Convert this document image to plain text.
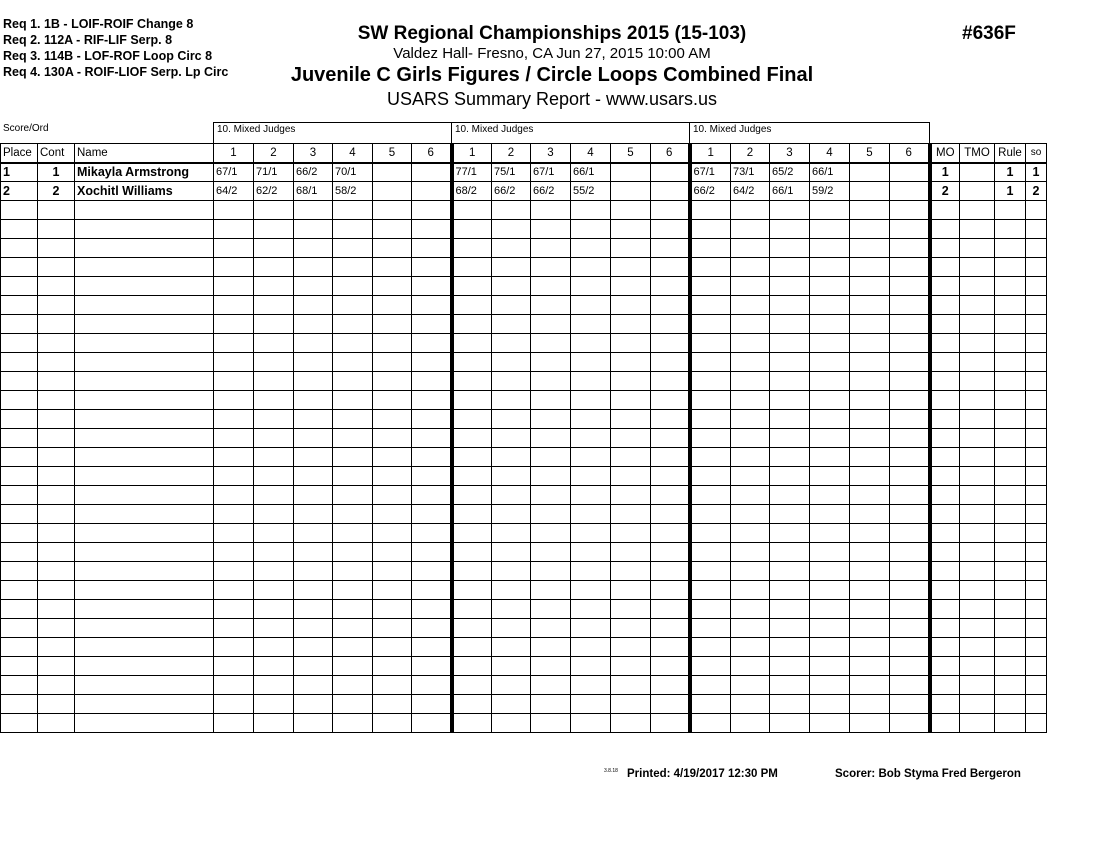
Req 1. 1B - LOIF-ROIF Change 8
Req 2. 112A - RIF-LIF Serp. 8
Req 3. 114B - LOF-ROF Loop Circ 8
Req 4. 130A - ROIF-LIOF Serp. Lp Circ
SW Regional Championships 2015 (15-103)
Valdez Hall- Fresno, CA Jun 27, 2015 10:00 AM
Juvenile C Girls Figures / Circle Loops Combined Final
USARS Summary Report - www.usars.us
#636F
Score/Ord	10. Mixed Judges	10. Mixed Judges	10. Mixed Judges
Place	Cont	Name	1	2	3	4	5	6	1	2	3	4	5	6	1	2	3	4	5	6	MO	TMO	Rule	so
1	1	Mikayla Armstrong	67/1	71/1	66/2	70/1			77/1	75/1	67/1	66/1			67/1	73/1	65/2	66/1			1		1	1
2	2	Xochitl Williams	64/2	62/2	68/1	58/2			68/2	66/2	66/2	55/2			66/2	64/2	66/1	59/2			2		1	2

3.8.18 Printed: 4/19/2017 12:30 PM	Scorer: Bob Styma Fred Bergeron
